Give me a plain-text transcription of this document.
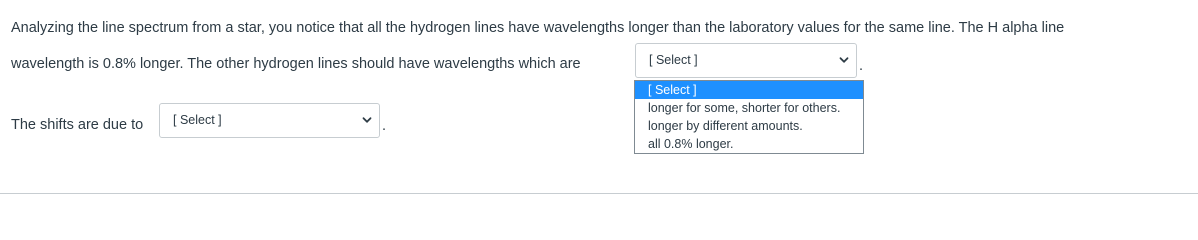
Analyzing the line spectrum from a star, you notice that all the hydrogen lines have wavelengths longer than the laboratory values for the same line. The H alpha line
wavelength is 0.8% longer. The other hydrogen lines should have wavelengths which are	[ Select ]	.
The shifts are due to [ Select ]	.
[ Select ]
longer for some, shorter for others.
longer by different amounts.
all 0.8% longer.
